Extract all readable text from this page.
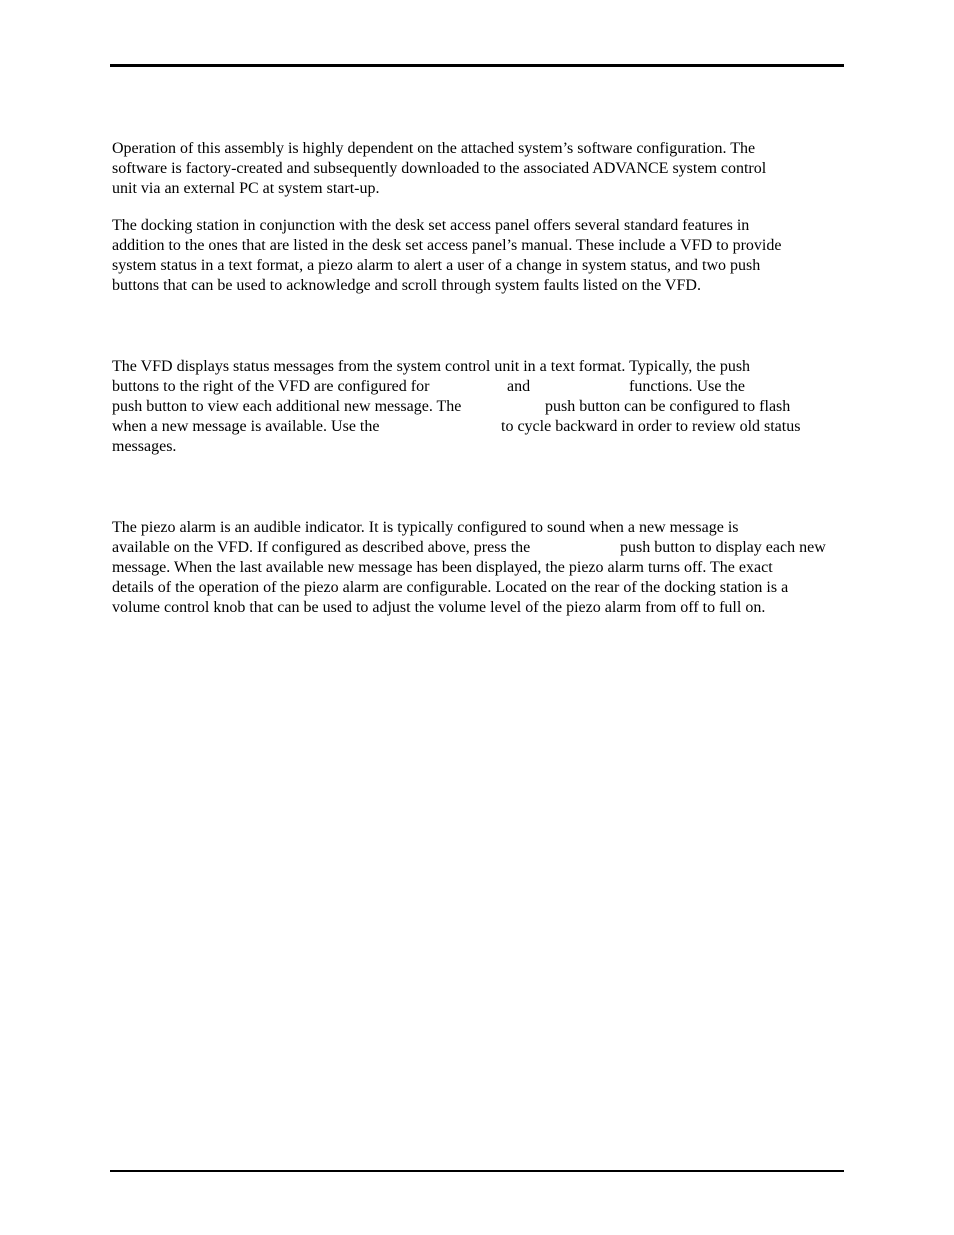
Operation of this assembly is highly dependent on the attached system’s software configuration. The
software is factory-created and subsequently downloaded to the associated ADVANCE system control
unit via an external PC at system start-up.
The docking station in conjunction with the desk set access panel offers several standard features in
addition to the ones that are listed in the desk set access panel’s manual. These include a VFD to provide
system status in a text format, a piezo alarm to alert a user of a change in system status, and two push
buttons that can be used to acknowledge and scroll through system faults listed on the VFD.
The VFD displays status messages from the system control unit in a text format. Typically, the push
buttons to the right of the VFD are configured for	and	functions. Use the
push button to view each additional new message. The	push button can be configured to flash
when a new message is available. Use the	to cycle backward in order to review old status
messages.
The piezo alarm is an audible indicator. It is typically configured to sound when a new message is
available on the VFD. If configured as described above, press the	push button to display each new
message. When the last available new message has been displayed, the piezo alarm turns off. The exact
details of the operation of the piezo alarm are configurable. Located on the rear of the docking station is a
volume control knob that can be used to adjust the volume level of the piezo alarm from off to full on.
